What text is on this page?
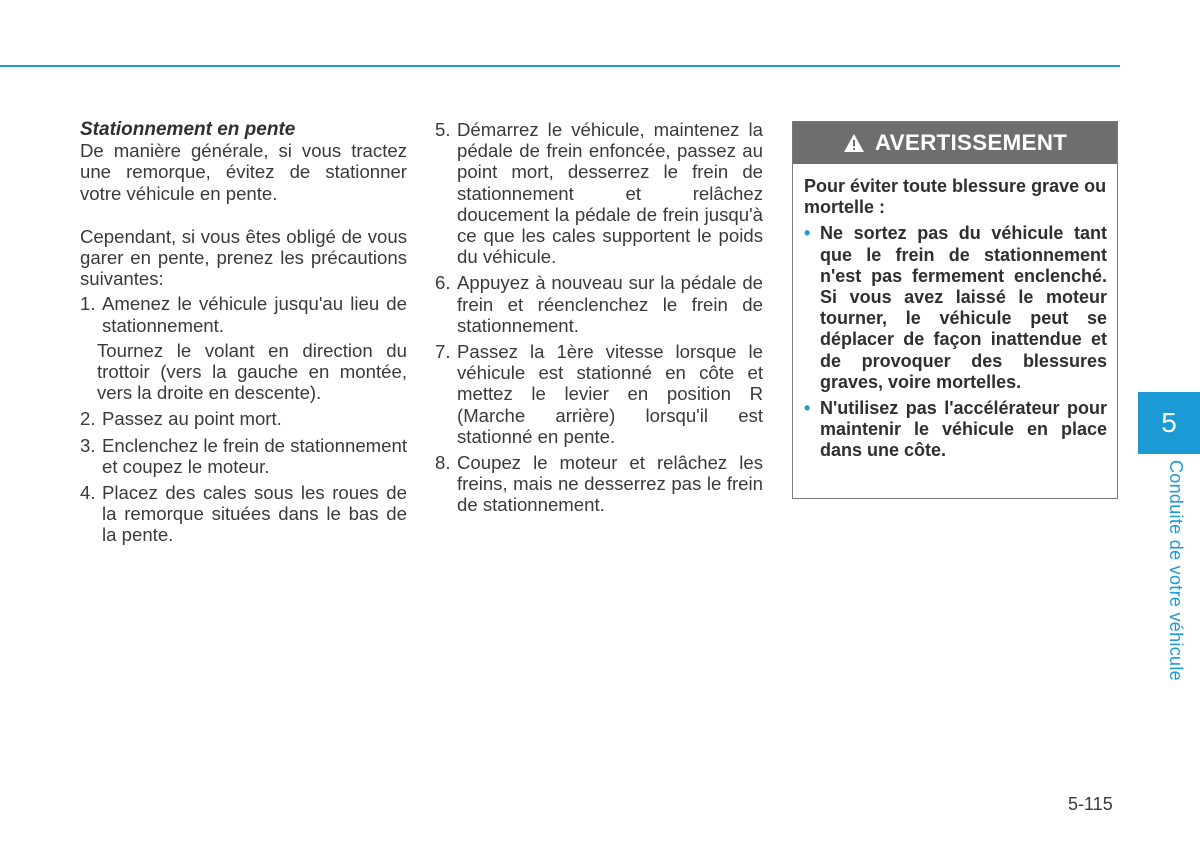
Stationnement en pente

De manière générale, si vous tractez une remorque, évitez de stationner votre véhicule en pente.

Cependant, si vous êtes obligé de vous garer en pente, prenez les précautions suivantes:

1. Amenez le véhicule jusqu'au lieu de stationnement.

Tournez le volant en direction du trottoir (vers la gauche en montée, vers la droite en descente).

2. Passez au point mort.
3. Enclenchez le frein de stationnement et coupez le moteur.
4. Placez des cales sous les roues de la remorque situées dans le bas de la pente.
5. Démarrez le véhicule, maintenez la pédale de frein enfoncée, passez au point mort, desserrez le frein de stationnement et relâchez doucement la pédale de frein jusqu'à ce que les cales supportent le poids du véhicule.
6. Appuyez à nouveau sur la pédale de frein et réenclenchez le frein de stationnement.
7. Passez la 1ère vitesse lorsque le véhicule est stationné en côte et mettez le levier en position R (Marche arrière) lorsqu'il est stationné en pente.
8. Coupez le moteur et relâchez les freins, mais ne desserrez pas le frein de stationnement.
AVERTISSEMENT

Pour éviter toute blessure grave ou mortelle :

• Ne sortez pas du véhicule tant que le frein de stationnement n'est pas fermement enclenché. Si vous avez laissé le moteur tourner, le véhicule peut se déplacer de façon inattendue et de provoquer des blessures graves, voire mortelles.
• N'utilisez pas l'accélérateur pour maintenir le véhicule en place dans une côte.
5
Conduite de votre véhicule
5-115
